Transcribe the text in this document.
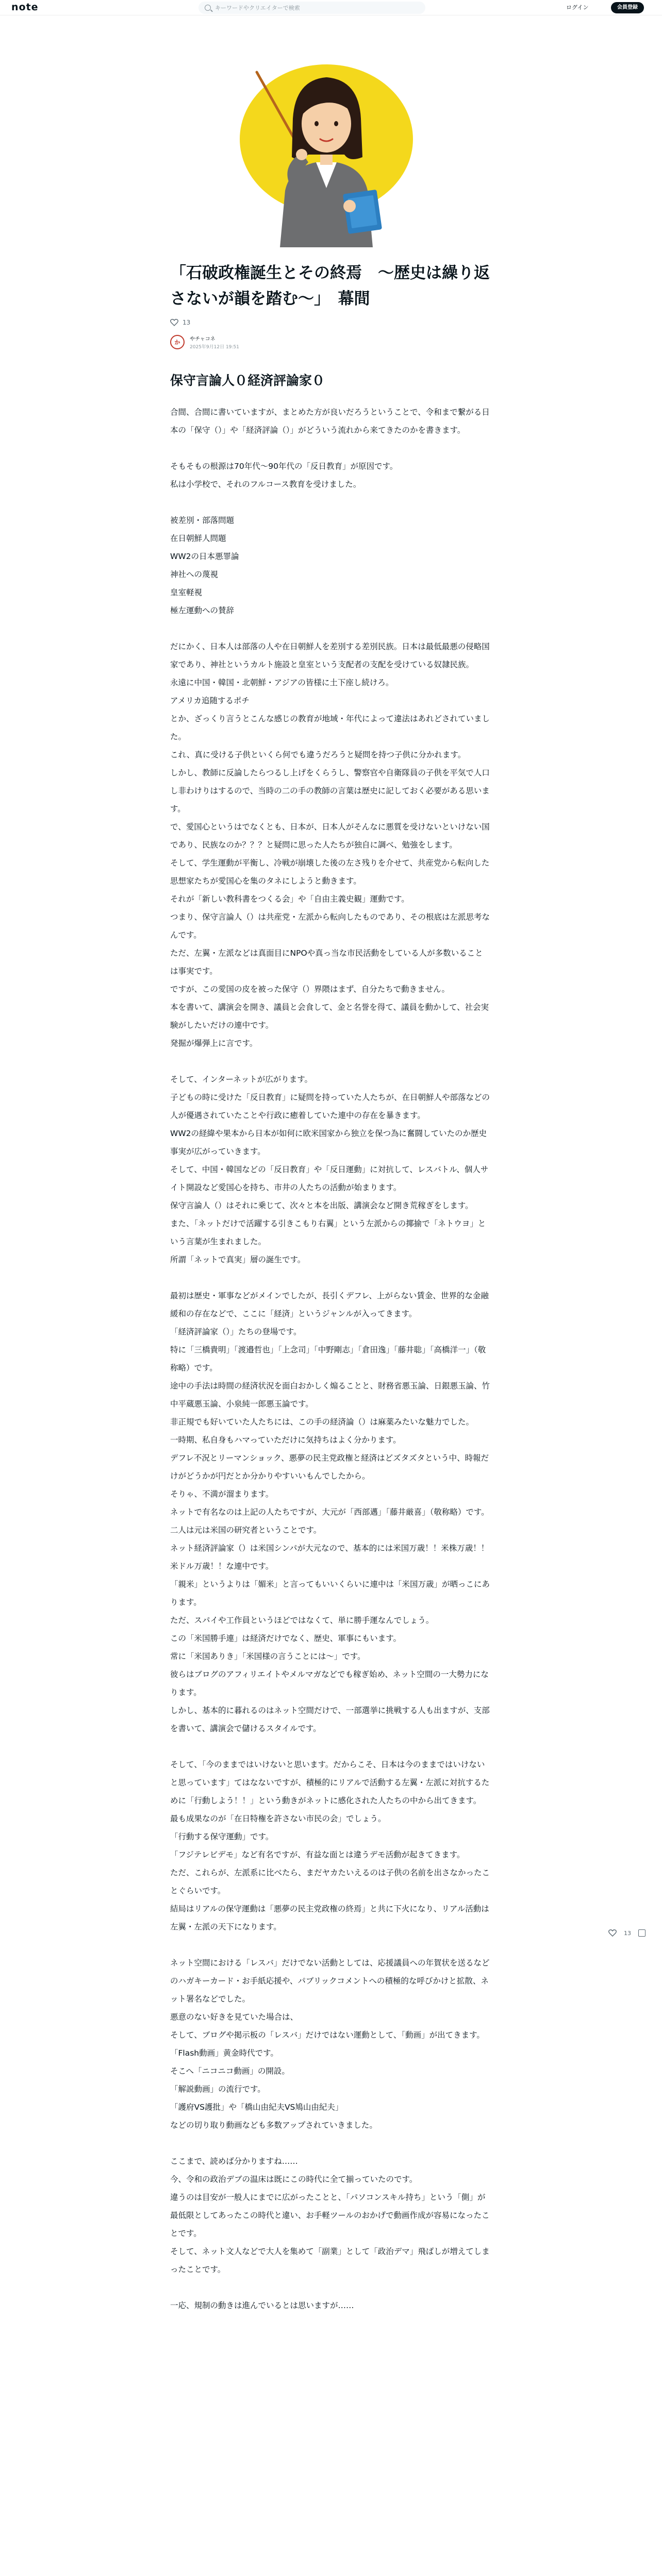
note	キーワードやクリエイターで検索	ログイン	会員登録
「石破政権誕生とその終焉　〜歴史は繰り返さないが韻を踏む〜」　幕間
13
か	やチャコネ
2025年9月12日 19:51
保守言論人０経済評論家０
合間、合間に書いていますが、まとめた方が良いだろうということで、令和まで繋がる日本の「保守（）」や「経済評論（）」がどういう流れから来てきたのかを書きます。

そもそもの根源は70年代〜90年代の「反日教育」が原因です。
私は小学校で、それのフルコース教育を受けました。

被差別・部落問題
在日朝鮮人問題
WW2の日本悪罪論
神社への蔑視
皇室軽視
極左運動への賛辞

だにかく、日本人は部落の人や在日朝鮮人を差別する差別民族。日本は最低最悪の侵略国家であり、神社というカルト施設と皇室という支配者の支配を受けている奴隷民族。
永遠に中国・韓国・北朝鮮・アジアの皆様に土下座し続けろ。
アメリカ追随するポチ
とか、ざっくり言うとこんな感じの教育が地域・年代によって違法はあれどされていました。
これ、真に受ける子供といくら何でも違うだろうと疑問を持つ子供に分かれます。
しかし、教師に反論したらつるし上げをくらうし、警察官や自衛隊員の子供を平気で人口し非わけりはするので、当時の二の手の教師の言葉は歴史に記しておく必要がある思います。
で、愛国心というはでなくとも、日本が、日本人がそんなに悪質を受けないといけない国であり、民族なのか？？？と疑問に思った人たちが独自に調べ、勉強をします。
そして、学生運動が平衡し、冷戦が崩壊した後の左さ残りを介せて、共産党から転向した思想家たちが愛国心を集のタネにしようと動きます。
それが「新しい教科書をつくる会」や「自由主義史観」運動です。
つまり、保守言論人（）は共産党・左派から転向したものであり、その根底は左派思考なんです。
ただ、左翼・左派などは真面目にNPOや真っ当な市民活動をしている人が多数いることは事実です。
ですが、この愛国の皮を被った保守（）界隈はまず、自分たちで動きません。
本を書いて、講演会を開き、議員と会食して、金と名誉を得て、議員を動かして、社会実験がしたいだけの連中です。
発掘が爆弾上に言です。

そして、インターネットが広がります。
子どもの時に受けた「反日教育」に疑問を持っていた人たちが、在日朝鮮人や部落などの人が優遇されていたことや行政に癒着していた連中の存在を暴きます。
WW2の経緯や果本から日本が如何に欧米国家から独立を保つ為に奮闘していたのか歴史事実が広がっていきます。
そして、中国・韓国などの「反日教育」や「反日運動」に対抗して、レスバトル、個人サイト開設など愛国心を持ち、市井の人たちの活動が始まります。
保守言論人（）はそれに乗じて、次々と本を出版、講演会など開き荒稼ぎをします。
また、「ネットだけで活躍する引きこもり右翼」という左派からの揶揄で「ネトウヨ」という言葉が生まれました。
所謂「ネットで真実」層の誕生です。

最初は歴史・軍事などがメインでしたが、長引くデフレ、上がらない賃金、世界的な金融緩和の存在などで、ここに「経済」というジャンルが入ってきます。
「経済評論家（）」たちの登場です。
特に「三橋貴明」「渡邉哲也」「上念司」「中野剛志」「倉田逸」「藤井聡」「高橋洋一」（敬称略）です。
途中の手法は時間の経済状況を面白おかしく煽ることと、財務省悪玉論、日銀悪玉論、竹中平蔵悪玉論、小泉純一郎悪玉論です。
非正規でも好いていた人たちには、この手の経済論（）は麻薬みたいな魅力でした。
一時期、私自身もハマっていただけに気持ちはよく分かります。
デフレ不況とリーマンショック、悪夢の民主党政権と経済はどズタズタという中、時報だけがどうかが円だとか分かりやすいいもんでしたから。
そりゃ、不満が溜まります。
ネットで有名なのは上記の人たちですが、大元が「西部邁」「藤井厳喜」（敬称略）です。
二人は元は米国の研究者ということです。
ネット経済評論家（）は米国シンパが大元なので、基本的には米国万歳！！米株万歳！！米ドル万歳！！な連中です。
「親米」というよりは「媚米」と言ってもいいくらいに連中は「米国万歳」が晒っこにあります。
ただ、スパイや工作員というほどではなくて、単に勝手運なんでしょう。
この「米国勝手連」は経済だけでなく、歴史、軍事にもいます。
常に「米国ありき」「米国様の言うことには〜」です。
彼らはブログのアフィリエイトやメルマガなどでも稼ぎ始め、ネット空間の一大勢力になります。
しかし、基本的に暮れるのはネット空間だけで、一部選挙に挑戦する人も出ますが、支部を書いて、講演会で儲けるスタイルです。

そして、「今のままではいけないと思います。だからこそ、日本は今のままではいけないと思っています」てはなないですが、積極的にリアルで活動する左翼・左派に対抗するために「行動しよう！！」という動きがネットに感化された人たちの中から出てきます。
最も成果なのが「在日特権を許さない市民の会」でしょう。
「行動する保守運動」です。
「フジテレビデモ」など有名ですが、有益な面とは違うデモ活動が起きてきます。
ただ、これらが、左派系に比べたら、まだヤカたいえるのは子供の名前を出さなかったことぐらいです。
結局はリアルの保守運動は「悪夢の民主党政権の終焉」と共に下火になり、リアル活動は左翼・左派の天下になります。

ネット空間における「レスバ」だけでない活動としては、応援議員への年賀状を送るなどのハガキーカード・お手紙応援や、パブリックコメントへの積極的な呼びかけと拡散、ネット署名などでした。
悪意のない好きを見ていた場合は、
そして、ブログや掲示板の「レスバ」だけではない運動として、「動画」が出てきます。
「Flash動画」黄金時代です。
そこへ「ニコニコ動画」の開設。
「解説動画」の流行です。
「護府VS護批」や「橋山由紀夫VS鳩山由紀夫」
などの切り取り動画なども多数アップされていきました。

ここまで、読めば分かりますね……
今、令和の政治デブの温床は既にこの時代に全て揃っていたのです。
違うのは目安が一般人にまでに広がったことと、「パソコンスキル持ち」という「側」が最低限としてあったこの時代と違い、お手軽ツールのおかげで動画作成が容易になったことです。
そして、ネット文人などで大人を集めて「副業」として「政治デマ」飛ばしが増えてしまったことです。

一応、規制の動きは進んでいるとは思いますが……
13
